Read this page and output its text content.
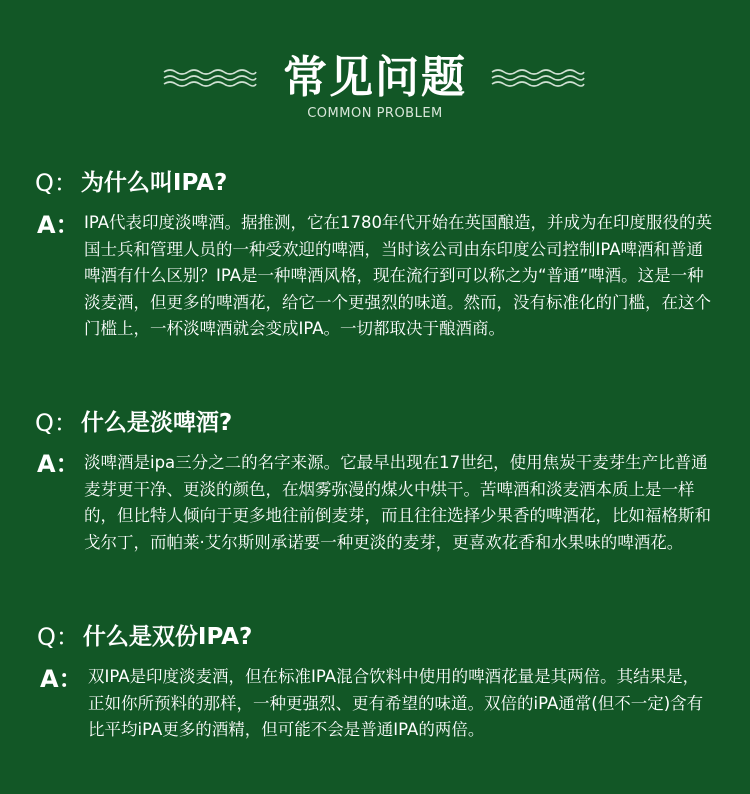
常见问题
COMMON PROBLEM
Q： 为什么叫IPA?
A： IPA代表印度淡啤酒。据推测，它在1780年代开始在英国酿造，并成为在印度服役的英国士兵和管理人员的一种受欢迎的啤酒，当时该公司由东印度公司控制IPA啤酒和普通啤酒有什么区别？IPA是一种啤酒风格，现在流行到可以称之为“普通”啤酒。这是一种淡麦酒，但更多的啤酒花，给它一个更强烈的味道。然而，没有标准化的门槛，在这个门槛上，一杯淡啤酒就会变成IPA。一切都取决于酿酒商。
Q： 什么是淡啤酒?
A： 淡啤酒是ipa三分之二的名字来源。它最早出现在17世纪，使用焦炭干麦芽生产比普通麦芽更干净、更淡的颜色，在烟雾弥漫的煤火中烘干。苦啤酒和淡麦酒本质上是一样的，但比特人倾向于更多地往前倒麦芽，而且往往选择少果香的啤酒花，比如福格斯和戈尔丁，而帕莱·艾尔斯则承诺要一种更淡的麦芽，更喜欢花香和水果味的啤酒花。
Q： 什么是双份IPA?
A： 双IPA是印度淡麦酒，但在标准IPA混合饮料中使用的啤酒花量是其两倍。其结果是，正如你所预料的那样，一种更强烈、更有希望的味道。双倍的iPA通常(但不一定)含有比平均iPA更多的酒精，但可能不会是普通IPA的两倍。
